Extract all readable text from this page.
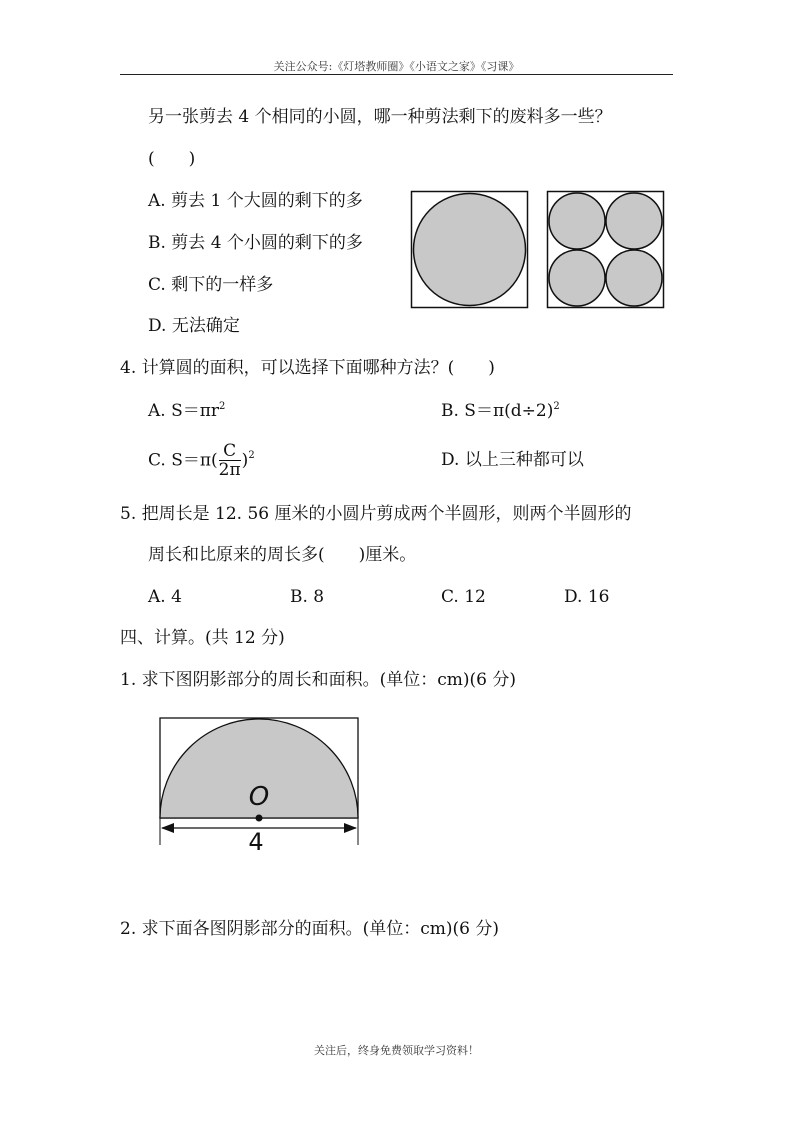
关注公众号:《灯塔教师圈》《小语文之家》《习课》
另一张剪去 4 个相同的小圆，哪一种剪法剩下的废料多一些？
(　　)
A. 剪去 1 个大圆的剩下的多
B. 剪去 4 个小圆的剩下的多
C. 剩下的一样多
D. 无法确定
4. 计算圆的面积，可以选择下面哪种方法？(　　)
A. $S=\pi r^2$	B. $S=\pi(d\div 2)^2$
C. $S=\pi( \frac{C}{2\pi} )^2$	D. 以上三种都可以
5. 把周长是 12. 56 厘米的小圆片剪成两个半圆形，则两个半圆形的
周长和比原来的周长多(　　)厘米。
A. 4	B. 8	C. 12	D. 16
四、计算。(共 12 分)
1. 求下图阴影部分的周长和面积。(单位：cm)(6 分)
O
4
2. 求下面各图阴影部分的面积。(单位：cm)(6 分)
关注后，终身免费领取学习资料！
